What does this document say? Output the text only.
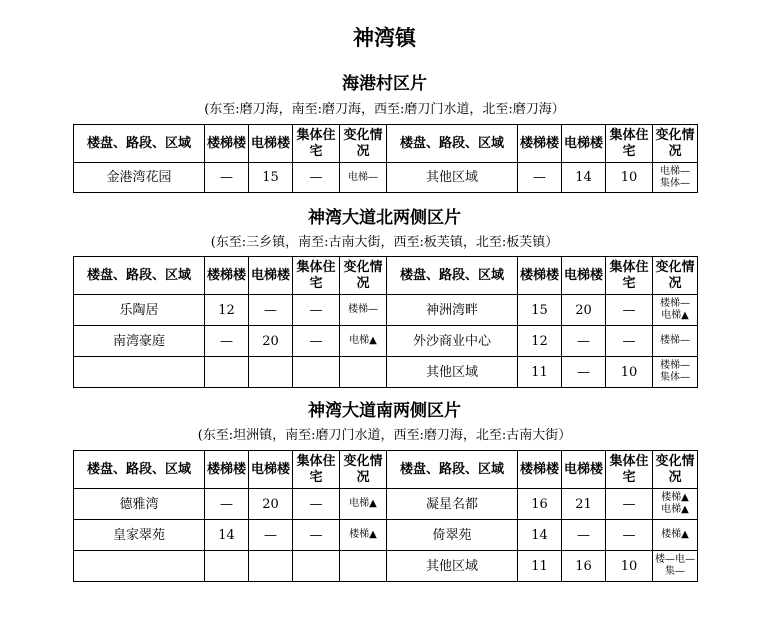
神湾镇
海港村区片
(东至:磨刀海，南至:磨刀海，西至:磨刀门水道，北至:磨刀海）
楼盘、路段、区域	楼梯楼	电梯楼	集体住宅	变化情况	楼盘、路段、区域	楼梯楼	电梯楼	集体住宅	变化情况
金港湾花园	—	15	—	电梯—	其他区域	—	14	10	电梯—
集体—
神湾大道北两侧区片
(东至:三乡镇，南至:古南大街，西至:板芙镇，北至:板芙镇）
楼盘、路段、区域	楼梯楼	电梯楼	集体住宅	变化情况	楼盘、路段、区域	楼梯楼	电梯楼	集体住宅	变化情况
乐陶居	12	—	—	楼梯—	神洲湾畔	15	20	—	楼梯—
电梯▲

南湾豪庭	—	20	—	电梯▲	外沙商业中心	12	—	—	楼梯—

					其他区域	11	—	10	楼梯—
集体—
神湾大道南两侧区片
(东至:坦洲镇，南至:磨刀门水道，西至:磨刀海，北至:古南大街）
楼盘、路段、区域	楼梯楼	电梯楼	集体住宅	变化情况	楼盘、路段、区域	楼梯楼	电梯楼	集体住宅	变化情况
德雅湾	—	20	—	电梯▲	凝星名都	16	21	—	楼梯▲
电梯▲

皇家翠苑	14	—	—	楼梯▲	倚翠苑	14	—	—	楼梯▲

					其他区域	11	16	10	楼—电—
集—
